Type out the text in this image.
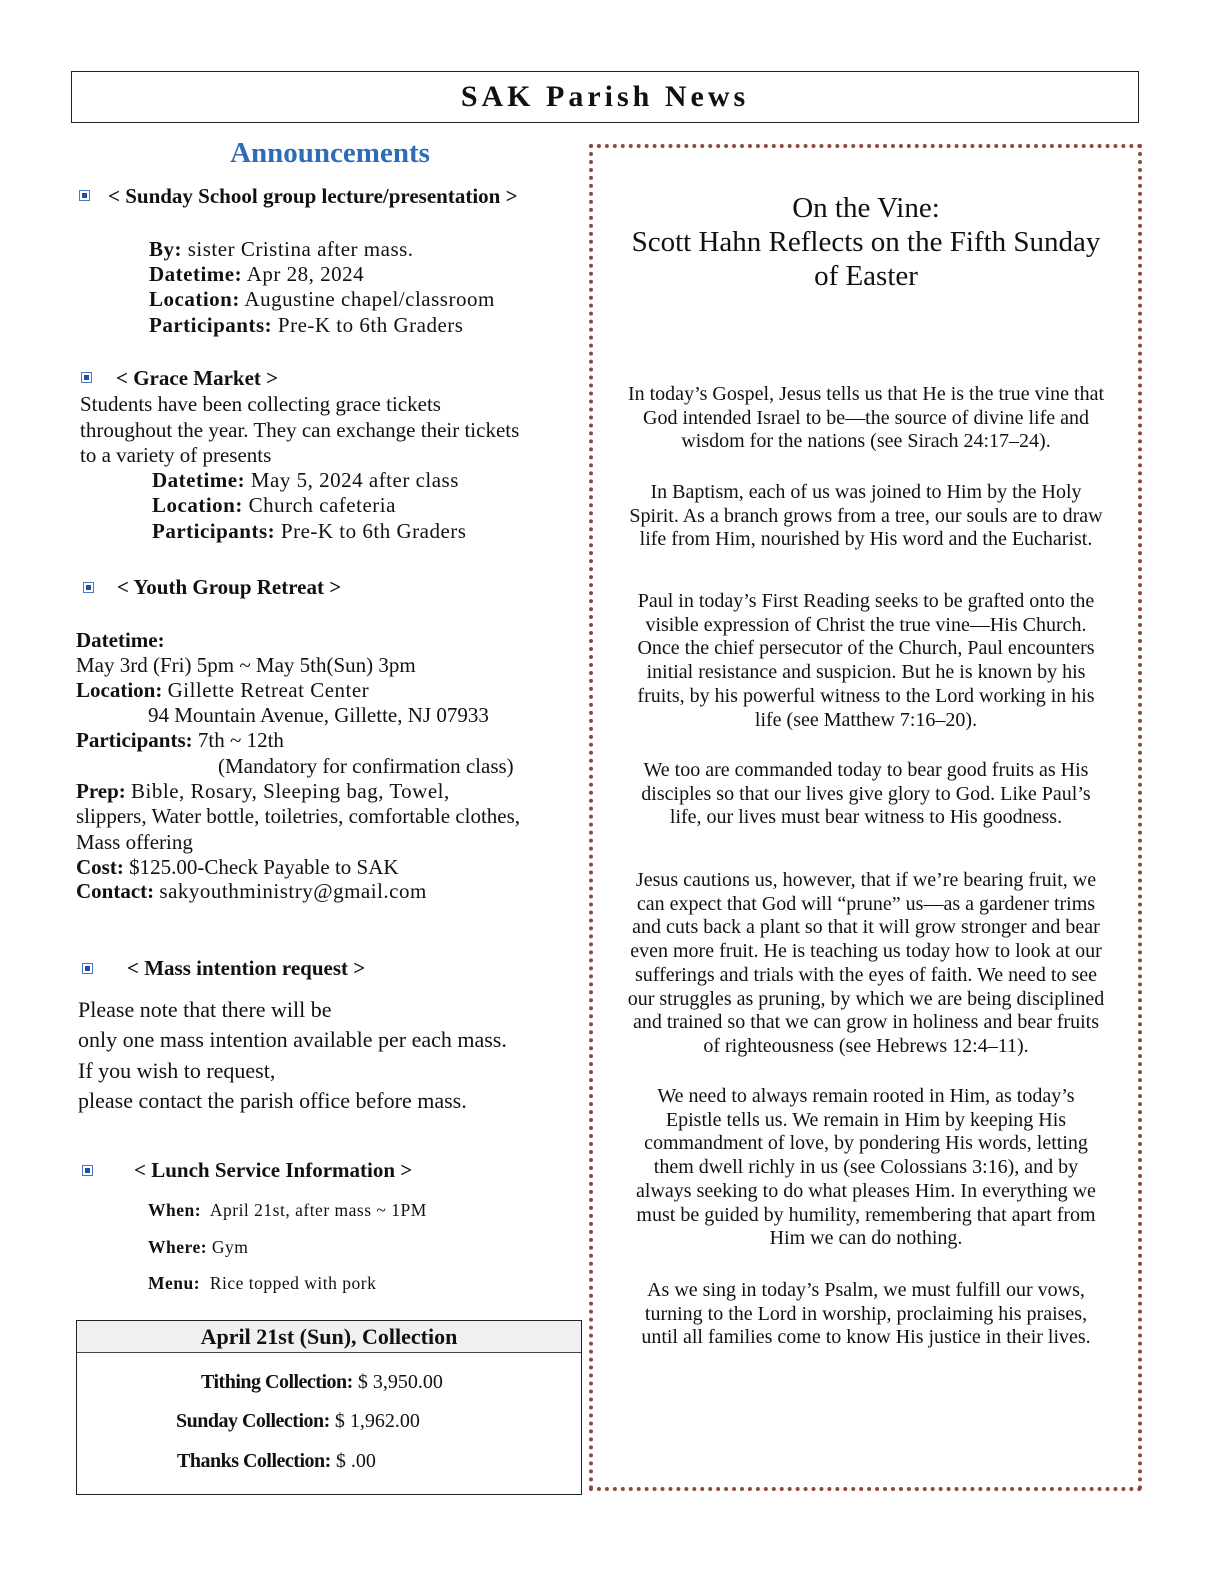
SAK Parish News
Announcements
< Sunday School group lecture/presentation >
By: sister Cristina after mass.
Datetime: Apr 28, 2024
Location: Augustine chapel/classroom
Participants: Pre-K to 6th Graders
< Grace Market >
Students have been collecting grace tickets
throughout the year. They can exchange their tickets
to a variety of presents
Datetime: May 5, 2024 after class
Location: Church cafeteria
Participants: Pre-K to 6th Graders
< Youth Group Retreat >
Datetime:
May 3rd (Fri) 5pm ~ May 5th(Sun) 3pm
Location: Gillette Retreat Center
94 Mountain Avenue, Gillette, NJ 07933
Participants: 7th ~ 12th
(Mandatory for confirmation class)
Prep: Bible, Rosary, Sleeping bag, Towel,
slippers, Water bottle, toiletries, comfortable clothes,
Mass offering
Cost: $125.00-Check Payable to SAK
Contact: sakyouthministry@gmail.com
< Mass intention request >
Please note that there will be
only one mass intention available per each mass.
If you wish to request,
please contact the parish office before mass.
< Lunch Service Information >
When: April 21st, after mass ~ 1PM
Where: Gym
Menu: Rice topped with pork
April 21st (Sun), Collection
Tithing Collection: $ 3,950.00
Sunday Collection: $ 1,962.00
Thanks Collection: $ .00
On the Vine:
Scott Hahn Reflects on the Fifth Sunday
of Easter
In today’s Gospel, Jesus tells us that He is the true vine that
God intended Israel to be—the source of divine life and
wisdom for the nations (see Sirach 24:17–24).
In Baptism, each of us was joined to Him by the Holy
Spirit. As a branch grows from a tree, our souls are to draw
life from Him, nourished by His word and the Eucharist.
Paul in today’s First Reading seeks to be grafted onto the
visible expression of Christ the true vine—His Church.
Once the chief persecutor of the Church, Paul encounters
initial resistance and suspicion. But he is known by his
fruits, by his powerful witness to the Lord working in his
life (see Matthew 7:16–20).
We too are commanded today to bear good fruits as His
disciples so that our lives give glory to God. Like Paul’s
life, our lives must bear witness to His goodness.
Jesus cautions us, however, that if we’re bearing fruit, we
can expect that God will “prune” us—as a gardener trims
and cuts back a plant so that it will grow stronger and bear
even more fruit. He is teaching us today how to look at our
sufferings and trials with the eyes of faith. We need to see
our struggles as pruning, by which we are being disciplined
and trained so that we can grow in holiness and bear fruits
of righteousness (see Hebrews 12:4–11).
We need to always remain rooted in Him, as today’s
Epistle tells us. We remain in Him by keeping His
commandment of love, by pondering His words, letting
them dwell richly in us (see Colossians 3:16), and by
always seeking to do what pleases Him. In everything we
must be guided by humility, remembering that apart from
Him we can do nothing.
As we sing in today’s Psalm, we must fulfill our vows,
turning to the Lord in worship, proclaiming his praises,
until all families come to know His justice in their lives.
